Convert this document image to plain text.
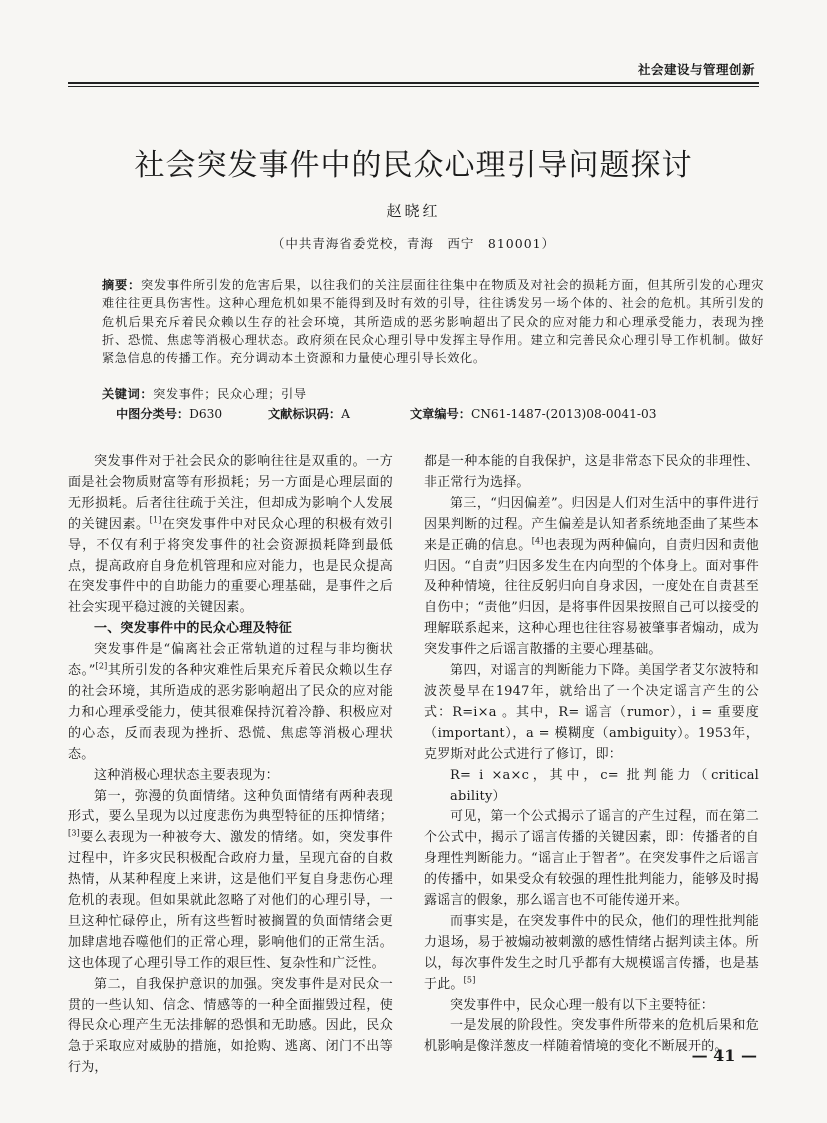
社会建设与管理创新
社会突发事件中的民众心理引导问题探讨
赵晓红
（中共青海省委党校，青海　西宁　810001）
摘要：突发事件所引发的危害后果，以往我们的关注层面往往集中在物质及对社会的损耗方面，但其所引发的心理灾难往往更具伤害性。这种心理危机如果不能得到及时有效的引导，往往诱发另一场个体的、社会的危机。其所引发的危机后果充斥着民众赖以生存的社会环境，其所造成的恶劣影响超出了民众的应对能力和心理承受能力，表现为挫折、恐慌、焦虑等消极心理状态。政府须在民众心理引导中发挥主导作用。建立和完善民众心理引导工作机制。做好紧急信息的传播工作。充分调动本土资源和力量使心理引导长效化。
关键词：突发事件；民众心理；引导
中图分类号：D630	文献标识码：A	文章编号：CN61-1487-(2013)08-0041-03

突发事件对于社会民众的影响往往是双重的。一方面是社会物质财富等有形损耗；另一方面是心理层面的无形损耗。后者往往疏于关注，但却成为影响个人发展的关键因素。[1]在突发事件中对民众心理的积极有效引导，不仅有利于将突发事件的社会资源损耗降到最低点，提高政府自身危机管理和应对能力，也是民众提高在突发事件中的自助能力的重要心理基础，是事件之后社会实现平稳过渡的关键因素。

一、突发事件中的民众心理及特征

突发事件是“偏离社会正常轨道的过程与非均衡状态。”[2]其所引发的各种灾难性后果充斥着民众赖以生存的社会环境，其所造成的恶劣影响超出了民众的应对能力和心理承受能力，使其很难保持沉着冷静、积极应对的心态，反而表现为挫折、恐慌、焦虑等消极心理状态。

这种消极心理状态主要表现为：

第一，弥漫的负面情绪。这种负面情绪有两种表现形式，要么呈现为以过度悲伤为典型特征的压抑情绪；[3]要么表现为一种被夸大、激发的情绪。如，突发事件过程中，许多灾民积极配合政府力量，呈现亢奋的自救热情，从某种程度上来讲，这是他们平复自身悲伤心理危机的表现。但如果就此忽略了对他们的心理引导，一旦这种忙碌停止，所有这些暂时被搁置的负面情绪会更加肆虐地吞噬他们的正常心理，影响他们的正常生活。这也体现了心理引导工作的艰巨性、复杂性和广泛性。

第二，自我保护意识的加强。突发事件是对民众一贯的一些认知、信念、情感等的一种全面摧毁过程，使得民众心理产生无法排解的恐惧和无助感。因此，民众急于采取应对威胁的措施，如抢购、逃离、闭门不出等行为，

都是一种本能的自我保护，这是非常态下民众的非理性、非正常行为选择。

第三，“归因偏差”。归因是人们对生活中的事件进行因果判断的过程。产生偏差是认知者系统地歪曲了某些本来是正确的信息。[4]也表现为两种偏向，自责归因和责他归因。“自责”归因多发生在内向型的个体身上。面对事件及种种情境，往往反躬归向自身求因，一度处在自责甚至自伤中；“责他”归因，是将事件因果按照自己可以接受的理解联系起来，这种心理也往往容易被肇事者煽动，成为突发事件之后谣言散播的主要心理基础。

第四，对谣言的判断能力下降。美国学者艾尔波特和波茨曼早在1947年，就给出了一个决定谣言产生的公式：R=i×a 。其中，R= 谣言（rumor），i = 重要度（important），a = 模糊度（ambiguity）。1953年，克罗斯对此公式进行了修订，即：

R= i ×a×c，其中，c= 批判能力（critical ability）

可见，第一个公式揭示了谣言的产生过程，而在第二个公式中，揭示了谣言传播的关键因素，即：传播者的自身理性判断能力。“谣言止于智者”。在突发事件之后谣言的传播中，如果受众有较强的理性批判能力，能够及时揭露谣言的假象，那么谣言也不可能传递开来。

而事实是，在突发事件中的民众，他们的理性批判能力退场，易于被煽动被刺激的感性情绪占据判读主体。所以，每次事件发生之时几乎都有大规模谣言传播，也是基于此。[5]

突发事件中，民众心理一般有以下主要特征：

一是发展的阶段性。突发事件所带来的危机后果和危机影响是像洋葱皮一样随着情境的变化不断展开的。

— 41 —
